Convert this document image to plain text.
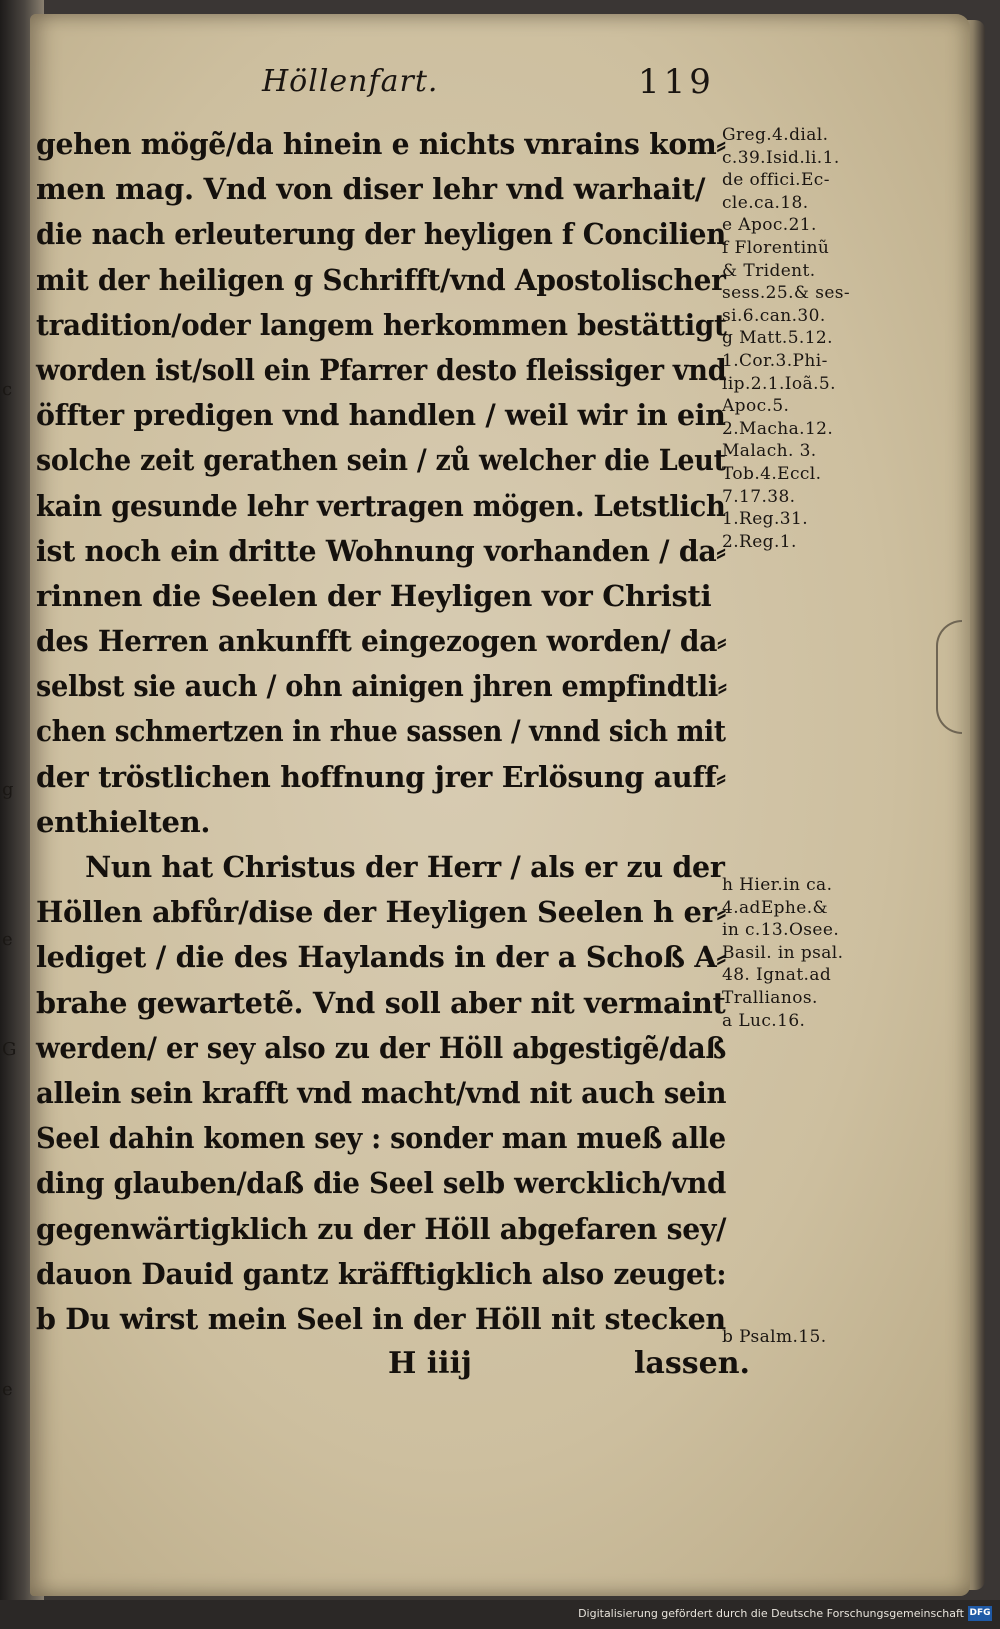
c
g
e
G
e
Höllenfart.	119
gehen mögẽ/da hinein e nichts vnrains kom⸗
men mag. Vnd von diser lehr vnd warhait/
die nach erleuterung der heyligen f Concilien
mit der heiligen g Schrifft/vnd Apostolischer
tradition/oder langem herkommen bestättigt
worden ist/soll ein Pfarrer desto fleissiger vnd
öffter predigen vnd handlen / weil wir in ein
solche zeit gerathen sein / zů welcher die Leut
kain gesunde lehr vertragen mögen. Letstlich
ist noch ein dritte Wohnung vorhanden / da⸗
rinnen die Seelen der Heyligen vor Christi
des Herren ankunfft eingezogen worden/ da⸗
selbst sie auch / ohn ainigen jhren empfindtli⸗
chen schmertzen in rhue sassen / vnnd sich mit
der tröstlichen hoffnung jrer Erlösung auff⸗
enthielten.
Nun hat Christus der Herr / als er zu der
Höllen abfůr/dise der Heyligen Seelen h er⸗
lediget / die des Haylands in der a Schoß A⸗
brahe gewartetẽ. Vnd soll aber nit vermaint
werden/ er sey also zu der Höll abgestigẽ/daß
allein sein krafft vnd macht/vnd nit auch sein
Seel dahin komen sey : sonder man mueß alle
ding glauben/daß die Seel selb wercklich/vnd
gegenwärtigklich zu der Höll abgefaren sey/
dauon Dauid gantz kräfftigklich also zeuget:
b Du wirst mein Seel in der Höll nit stecken
H iiij	lassen.
Greg.4.dial.
c.39.Isid.li.1.
de offici.Ec-
cle.ca.18.
e Apoc.21.
f Florentinũ
& Trident.
sess.25.& ses-
si.6.can.30.
g Matt.5.12.
1.Cor.3.Phi-
lip.2.1.Ioã.5.
Apoc.5.
2.Macha.12.
Malach. 3.
Tob.4.Eccl.
7.17.38.
1.Reg.31.
2.Reg.1.
h Hier.in ca.
4.adEphe.&
in c.13.Osee.
Basil. in psal.
48. Ignat.ad
Trallianos.
a Luc.16.
b Psalm.15.
Digitalisierung gefördert durch die Deutsche Forschungsgemeinschaft DFG
